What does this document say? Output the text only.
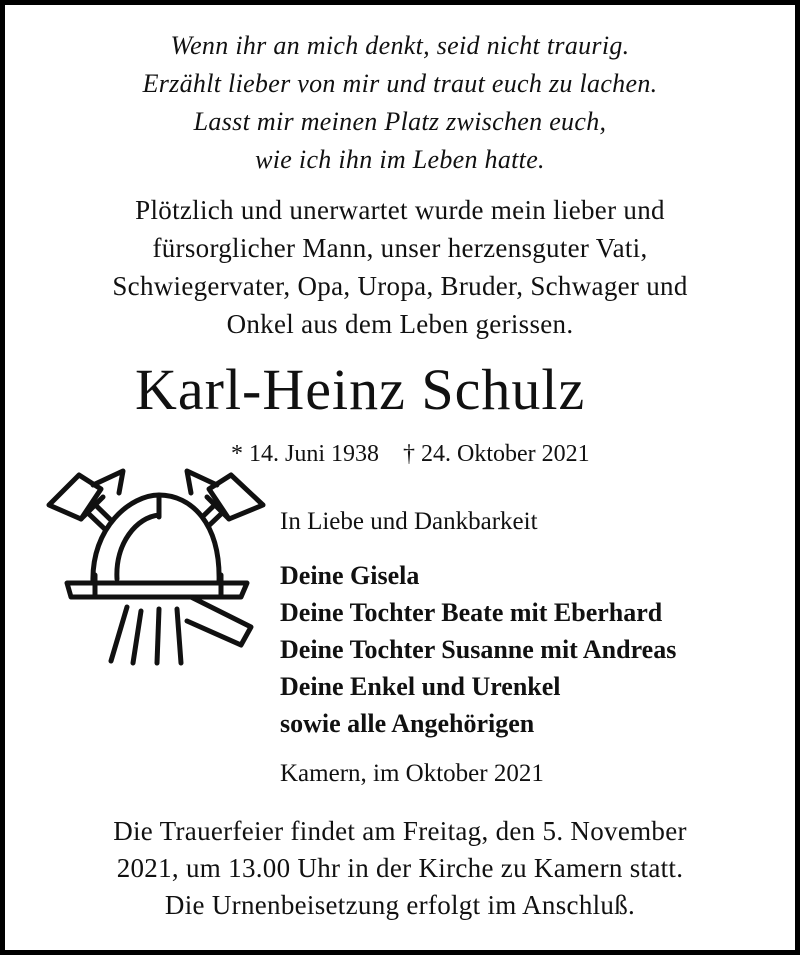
Wenn ihr an mich denkt, seid nicht traurig.
Erzählt lieber von mir und traut euch zu lachen.
Lasst mir meinen Platz zwischen euch,
wie ich ihn im Leben hatte.
Plötzlich und unerwartet wurde mein lieber und
fürsorglicher Mann, unser herzensguter Vati,
Schwiegervater, Opa, Uropa, Bruder, Schwager und
Onkel aus dem Leben gerissen.
Karl-Heinz Schulz
* 14. Juni 1938 † 24. Oktober 2021
In Liebe und Dankbarkeit
Deine Gisela
Deine Tochter Beate mit Eberhard
Deine Tochter Susanne mit Andreas
Deine Enkel und Urenkel
sowie alle Angehörigen
Kamern, im Oktober 2021
Die Trauerfeier findet am Freitag, den 5. November
2021, um 13.00 Uhr in der Kirche zu Kamern statt.
Die Urnenbeisetzung erfolgt im Anschluß.
